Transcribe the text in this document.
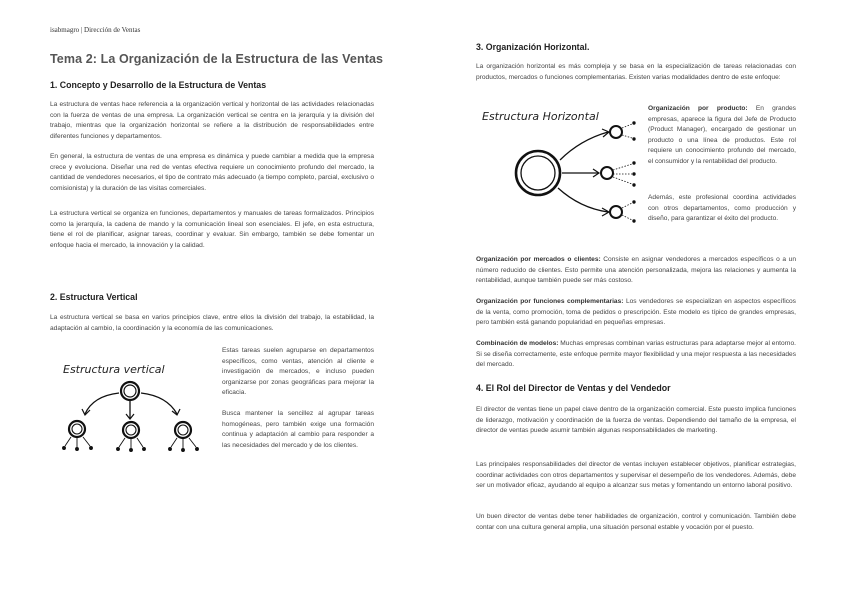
isabmagro | Dirección de Ventas
Tema 2: La Organización de la Estructura de las Ventas
1. Concepto y Desarrollo de la Estructura de Ventas

La estructura de ventas hace referencia a la organización vertical y horizontal de las actividades relacionadas con la fuerza de ventas de una empresa. La organización vertical se centra en la jerarquía y la división del trabajo, mientras que la organización horizontal se refiere a la distribución de responsabilidades entre diferentes funciones y departamentos.

En general, la estructura de ventas de una empresa es dinámica y puede cambiar a medida que la empresa crece y evoluciona. Diseñar una red de ventas efectiva requiere un conocimiento profundo del mercado, la cantidad de vendedores necesarios, el tipo de contrato más adecuado (a tiempo completo, parcial, exclusivo o comisionista) y la duración de las visitas comerciales.

La estructura vertical se organiza en funciones, departamentos y manuales de tareas formalizados. Principios como la jerarquía, la cadena de mando y la comunicación lineal son esenciales. El jefe, en esta estructura, tiene el rol de planificar, asignar tareas, coordinar y evaluar. Sin embargo, también se debe fomentar un enfoque hacia el mercado, la innovación y la calidad.

2. Estructura Vertical

La estructura vertical se basa en varios principios clave, entre ellos la división del trabajo, la estabilidad, la adaptación al cambio, la coordinación y la economía de las comunicaciones.

Estructura vertical

Estas tareas suelen agruparse en departamentos específicos, como ventas, atención al cliente e investigación de mercados, e incluso pueden organizarse por zonas geográficas para mejorar la eficacia.

Busca mantener la sencillez al agrupar tareas homogéneas, pero también exige una formación continua y adaptación al cambio para responder a las necesidades del mercado y de los clientes.

3. Organización Horizontal.

La organización horizontal es más compleja y se basa en la especialización de tareas relacionadas con productos, mercados o funciones complementarias. Existen varias modalidades dentro de este enfoque:

Estructura Horizontal

Organización por producto: En grandes empresas, aparece la figura del Jefe de Producto (Product Manager), encargado de gestionar un producto o una línea de productos. Este rol requiere un conocimiento profundo del mercado, el consumidor y la rentabilidad del producto.

Además, este profesional coordina actividades con otros departamentos, como producción y diseño, para garantizar el éxito del producto.

Organización por mercados o clientes: Consiste en asignar vendedores a mercados específicos o a un número reducido de clientes. Esto permite una atención personalizada, mejora las relaciones y aumenta la rentabilidad, aunque también puede ser más costoso.

Organización por funciones complementarias: Los vendedores se especializan en aspectos específicos de la venta, como promoción, toma de pedidos o prescripción. Este modelo es típico de grandes empresas, pero también está ganando popularidad en pequeñas empresas.

Combinación de modelos: Muchas empresas combinan varias estructuras para adaptarse mejor al entorno. Si se diseña correctamente, este enfoque permite mayor flexibilidad y una mejor respuesta a las necesidades del mercado.

4. El Rol del Director de Ventas y del Vendedor

El director de ventas tiene un papel clave dentro de la organización comercial. Este puesto implica funciones de liderazgo, motivación y coordinación de la fuerza de ventas. Dependiendo del tamaño de la empresa, el director de ventas puede asumir también algunas responsabilidades de marketing.

Las principales responsabilidades del director de ventas incluyen establecer objetivos, planificar estrategias, coordinar actividades con otros departamentos y supervisar el desempeño de los vendedores. Además, debe ser un motivador eficaz, ayudando al equipo a alcanzar sus metas y fomentando un entorno laboral positivo.

Un buen director de ventas debe tener habilidades de organización, control y comunicación. También debe contar con una cultura general amplia, una situación personal estable y vocación por el puesto.
